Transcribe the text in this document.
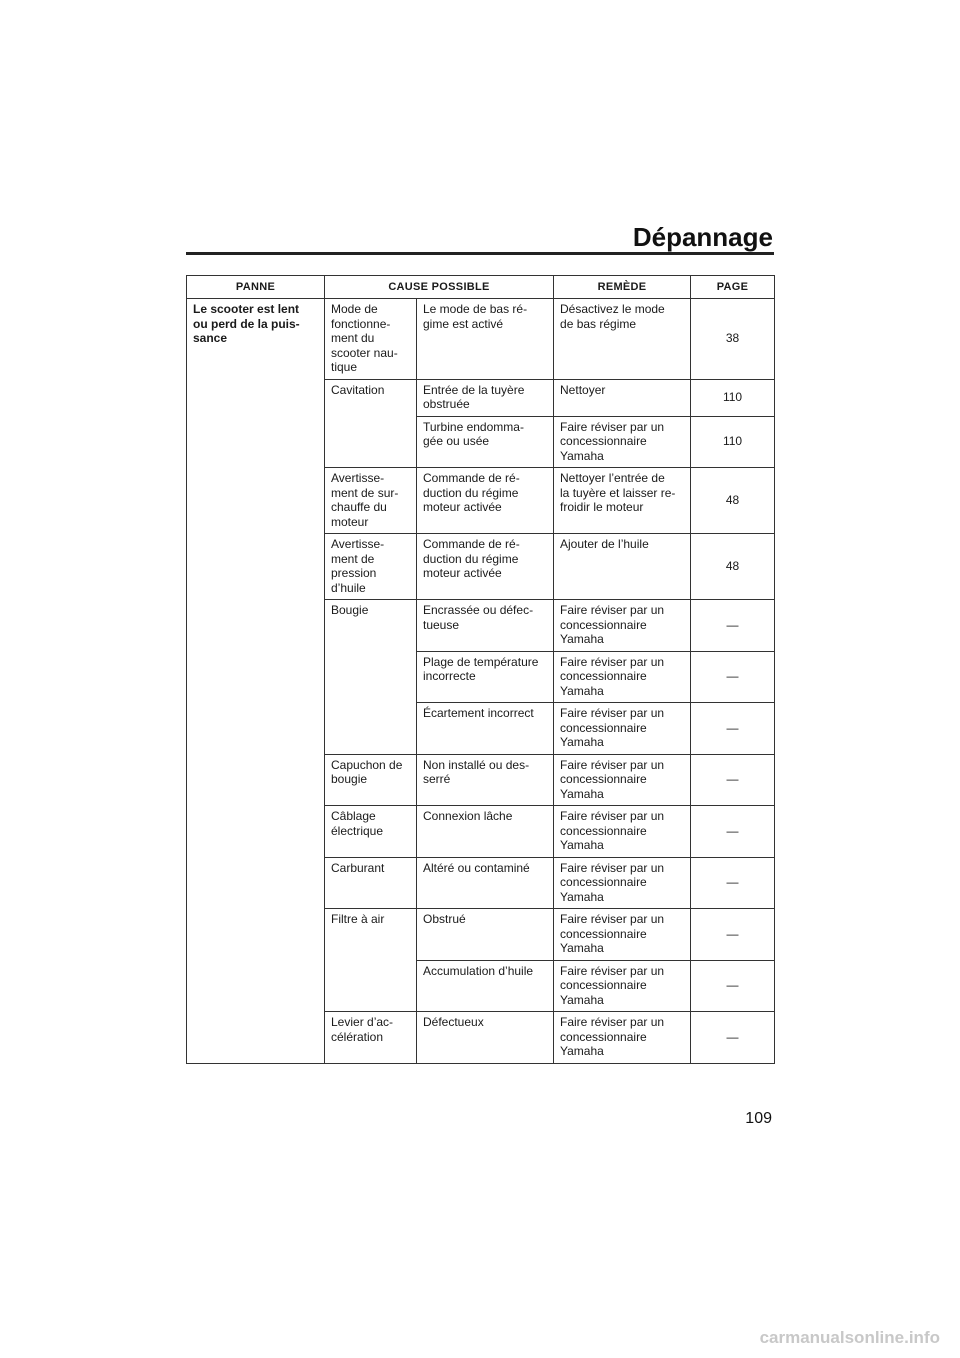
Dépannage
PANNE	CAUSE POSSIBLE		REMÈDE	PAGE

Le scooter est lent
ou perd de la puis-
sance	Mode de
fonctionne-
ment du
scooter nau-
tique	Le mode de bas ré-
gime est activé	Désactivez le mode
de bas régime	38

	Cavitation	Entrée de la tuyère
obstruée	Nettoyer	110

		Turbine endomma-
gée ou usée	Faire réviser par un
concessionnaire
Yamaha	110

	Avertisse-
ment de sur-
chauffe du
moteur	Commande de ré-
duction du régime
moteur activée	Nettoyer l’entrée de
la tuyère et laisser re-
froidir le moteur	48

	Avertisse-
ment de
pression
d’huile	Commande de ré-
duction du régime
moteur activée	Ajouter de l’huile	48

	Bougie	Encrassée ou défec-
tueuse	Faire réviser par un
concessionnaire
Yamaha	—

		Plage de température
incorrecte	Faire réviser par un
concessionnaire
Yamaha	—

		Écartement incorrect	Faire réviser par un
concessionnaire
Yamaha	—

	Capuchon de
bougie	Non installé ou des-
serré	Faire réviser par un
concessionnaire
Yamaha	—

	Câblage
électrique	Connexion lâche	Faire réviser par un
concessionnaire
Yamaha	—

	Carburant	Altéré ou contaminé	Faire réviser par un
concessionnaire
Yamaha	—

	Filtre à air	Obstrué	Faire réviser par un
concessionnaire
Yamaha	—

		Accumulation d’huile	Faire réviser par un
concessionnaire
Yamaha	—

	Levier d’ac-
célération	Défectueux	Faire réviser par un
concessionnaire
Yamaha	—
109
carmanualsonline.info
